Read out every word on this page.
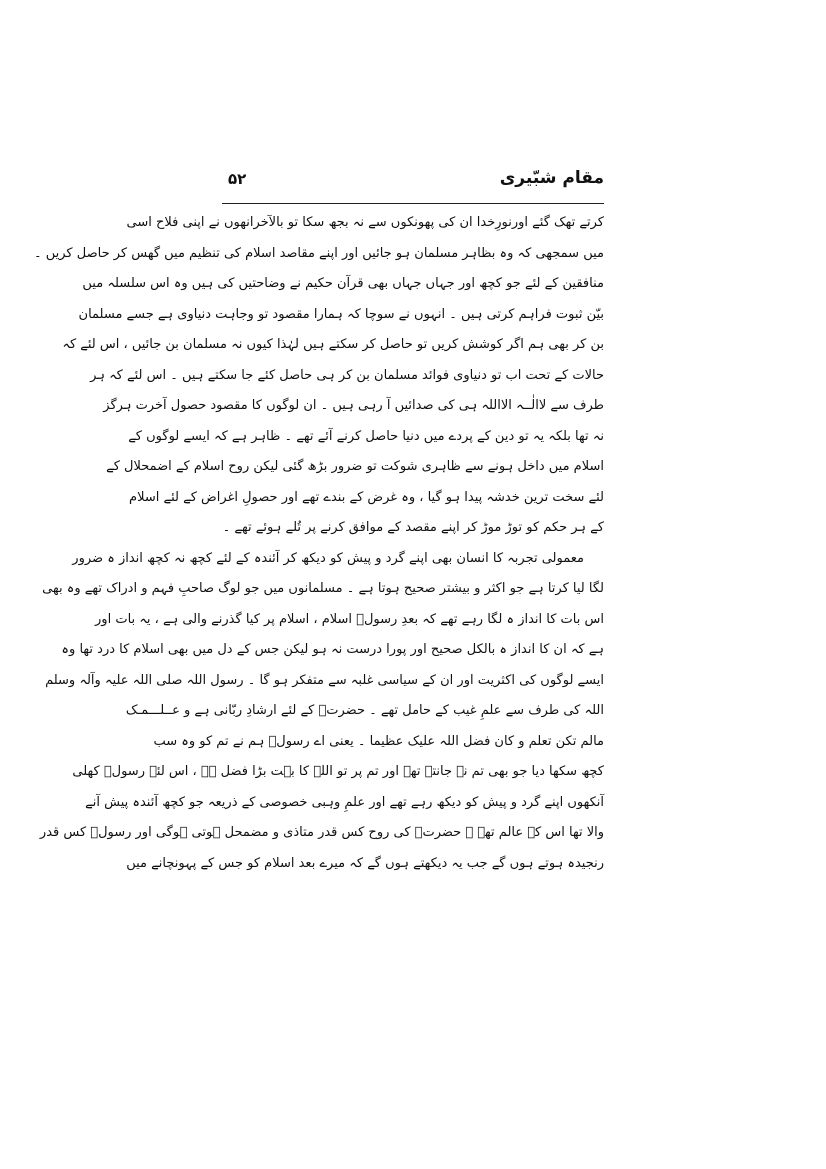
مقام شبّیری
۵۲
کرتے تھک گئے اورنورِخدا ان کی پھونکوں سے نہ بجھ سکا تو بالآخرانھوں نے اپنی فلاح اسی
میں سمجھی کہ وہ بظاہر مسلمان ہو جائیں اور اپنے مقاصد اسلام کی تنظیم میں گھس کر حاصل کریں ۔
منافقین کے لئے جو کچھ اور جہاں جہاں بھی قرآن حکیم نے وضاحتیں کی ہیں وہ اس سلسلہ میں
بیّن ثبوت فراہم کرتی ہیں ۔ انہوں نے سوچا کہ ہمارا مقصود تو وجاہت دنیاوی ہے جسے مسلمان
بن کر بھی ہم اگر کوشش کریں تو حاصل کر سکتے ہیں لہٰذا کیوں نہ مسلمان بن جائیں ، اس لئے کہ
حالات کے تحت اب تو دنیاوی فوائد مسلمان بن کر ہی حاصل کئے جا سکتے ہیں ۔ اس لئے کہ ہر
طرف سے لاالٰــہ الااللہ ہی کی صدائیں آ رہی ہیں ۔ ان لوگوں کا مقصود حصول آخرت ہرگز
نہ تھا بلکہ یہ تو دین کے پردے میں دنیا حاصل کرنے آئے تھے ۔ ظاہر ہے کہ ایسے لوگوں کے
اسلام میں داخل ہونے سے ظاہری شوکت تو ضرور بڑھ گئی لیکن روح اسلام کے اضمحلال کے
لئے سخت ترین خدشہ پیدا ہو گیا ، وہ غرض کے بندے تھے اور حصولِ اغراض کے لئے اسلام
کے ہر حکم کو توڑ موڑ کر اپنے مقصد کے موافق کرنے پر تُلے ہوئے تھے ۔
معمولی تجربہ کا انسان بھی اپنے گرد و پیش کو دیکھ کر آئندہ کے لئے کچھ نہ کچھ انداز ہ ضرور
لگا لیا کرتا ہے جو اکثر و بیشتر صحیح ہوتا ہے ۔ مسلمانوں میں جو لوگ صاحبِ فہم و ادراک تھے وہ بھی
اس بات کا انداز ہ لگا رہے تھے کہ بعدِ رسولؐ اسلام ، اسلام پر کیا گذرنے والی ہے ، یہ بات اور
ہے کہ ان کا انداز ہ بالکل صحیح اور پورا درست نہ ہو لیکن جس کے دل میں بھی اسلام کا درد تھا وہ
ایسے لوگوں کی اکثریت اور ان کے سیاسی غلبہ سے متفکر ہو گا ۔ رسول اللہ صلی اللہ علیہ وآلہ وسلم
اللہ کی طرف سے علمِ غیب کے حامل تھے ۔ حضرتؐ کے لئے ارشادِ ربّانی ہے و عــلـــمـک
مالم تکن تعلم و کان فضل اللہ علیک عظیما ۔ یعنی اے رسولؐ ہم نے تم کو وہ سب
کچھ سکھا دیا جو بھی تم نہ جانتے تھے اور تم پر تو اللہ کا بہت بڑا فضل ہے ، اس لئے رسولؐ کھلی
آنکھوں اپنے گرد و پیش کو دیکھ رہے تھے اور علمِ وہبی خصوصی کے ذریعہ جو کچھ آئندہ پیش آنے
والا تھا اس کے عالم تھے ۔ حضرتؐ کی روح کس قدر متاذی و مضمحل ہوتی ہوگی اور رسولؐ کس قدر
رنجیدہ ہوتے ہوں گے جب یہ دیکھتے ہوں گے کہ میرے بعد اسلام کو جس کے پہونچانے میں
